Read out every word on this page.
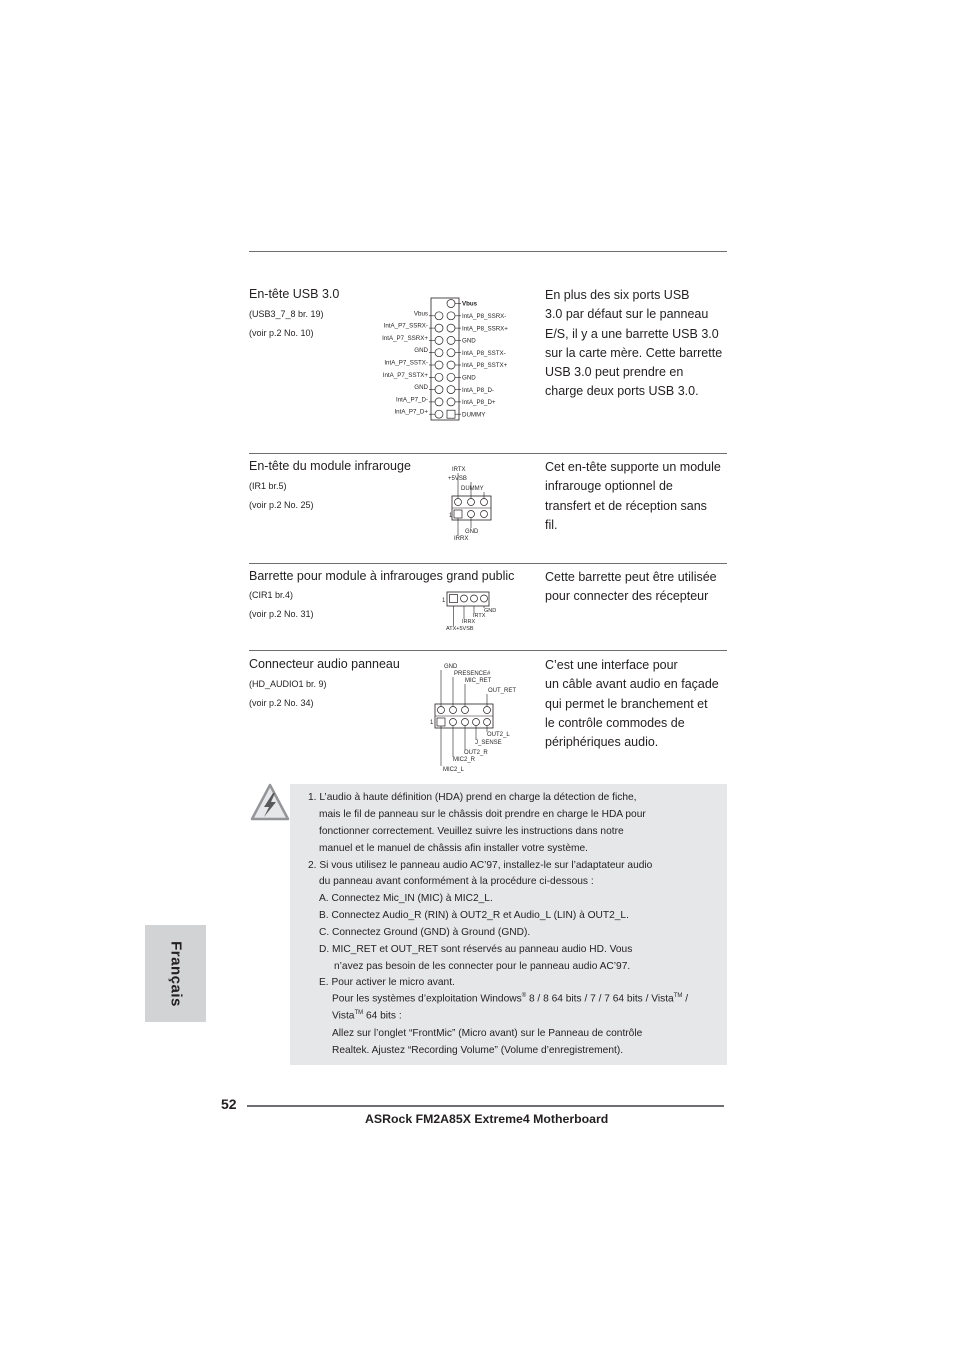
En-tête USB 3.0
(USB3_7_8 br. 19)
(voir p.2 No. 10)
Vbus
IntA_P8_SSRX-
IntA_P8_SSRX+
GND
IntA_P8_SSTX-
IntA_P8_SSTX+
GND
IntA_P8_D-
IntA_P8_D+
DUMMY
Vbus
IntA_P7_SSRX-
IntA_P7_SSRX+
GND
IntA_P7_SSTX-
IntA_P7_SSTX+
GND
IntA_P7_D-
IntA_P7_D+
En plus des six ports USB
3.0 par défaut sur le panneau
E/S, il y a une barrette USB 3.0
sur la carte mère. Cette barrette
USB 3.0 peut prendre en
charge deux ports USB 3.0.
En-tête du module infrarouge
(IR1 br.5)
(voir p.2 No. 25)
IRTX
+5VSB
DUMMY
1
GND
IRRX
Cet en-tête supporte un module
infrarouge optionnel de
transfert et de réception sans
fil.
Barrette pour module à infrarouges grand public
(CIR1 br.4)
(voir p.2 No. 31)
1
GND
IRTX
IRRX
ATX+5VSB
Cette barrette peut être utilisée
pour connecter des récepteur
Connecteur audio panneau
(HD_AUDIO1 br. 9)
(voir p.2 No. 34)
GND
PRESENCE#
MIC_RET
OUT_RET
1
OUT2_L
J_SENSE
OUT2_R
MIC2_R
MIC2_L
C’est une interface pour
un câble avant audio en façade
qui permet le branchement et
le contrôle commodes de
périphériques audio.
1. L’audio à haute définition (HDA) prend en charge la détection de fiche,
mais le fil de panneau sur le châssis doit prendre en charge le HDA pour
fonctionner correctement. Veuillez suivre les instructions dans notre
manuel et le manuel de châssis afin installer votre système.
2. Si vous utilisez le panneau audio AC’97, installez-le sur l’adaptateur audio
du panneau avant conformément à la procédure ci-dessous :
A. Connectez Mic_IN (MIC) à MIC2_L.
B. Connectez Audio_R (RIN) à OUT2_R et Audio_L (LIN) à OUT2_L.
C. Connectez Ground (GND) à Ground (GND).
D. MIC_RET et OUT_RET sont réservés au panneau audio HD. Vous
n’avez pas besoin de les connecter pour le panneau audio AC’97.
E. Pour activer le micro avant.
Pour les systèmes d’exploitation Windows® 8 / 8 64 bits / 7 / 7 64 bits / Vista™ /
Vista™ 64 bits :
Allez sur l’onglet “FrontMic” (Micro avant) sur le Panneau de contrôle
Realtek. Ajustez “Recording Volume” (Volume d’enregistrement).
Français
52
ASRock FM2A85X Extreme4 Motherboard
